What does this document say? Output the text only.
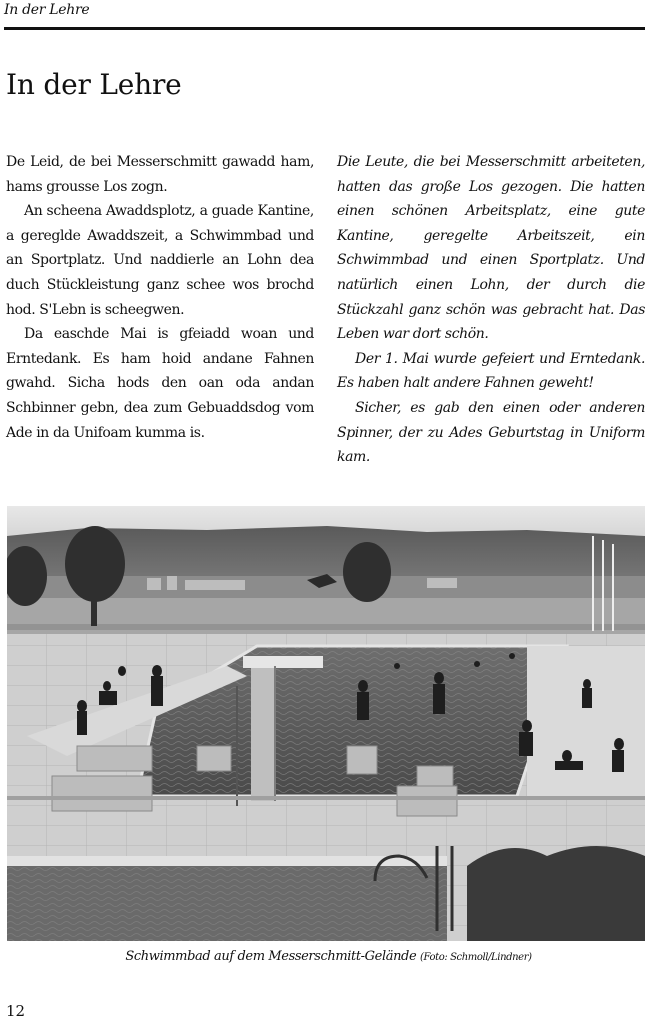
In der Lehre
In der Lehre

De Leid, de bei Messerschmitt gawadd ham, hams grousse Los zogn.

An scheena Awaddsplotz, a guade Kantine, a gereglde Awaddszeit, a Schwimmbad und an Sportplatz. Und naddierle an Lohn dea duch Stückleistung ganz schee wos brochd hod. S'Lebn is scheegwen.

Da easchde Mai is gfeiadd woan und Erntedank. Es ham hoid andane Fahnen gwahd. Sicha hods den oan oda andan Schbinner gebn, dea zum Gebuaddsdog vom Ade in da Unifoam kumma is.

Die Leute, die bei Messerschmitt arbeiteten, hatten das große Los gezogen. Die hatten einen schönen Arbeitsplatz, eine gute Kantine, geregelte Arbeitszeit, ein Schwimmbad und einen Sportplatz. Und natürlich einen Lohn, der durch die Stückzahl ganz schön was gebracht hat. Das Leben war dort schön.

Der 1. Mai wurde gefeiert und Erntedank. Es haben halt andere Fahnen geweht!

Sicher, es gab den einen oder anderen Spinner, der zu Ades Geburtstag in Uniform kam.

Schwimmbad auf dem Messerschmitt-Gelände (Foto: Schmoll/Lindner)
12
